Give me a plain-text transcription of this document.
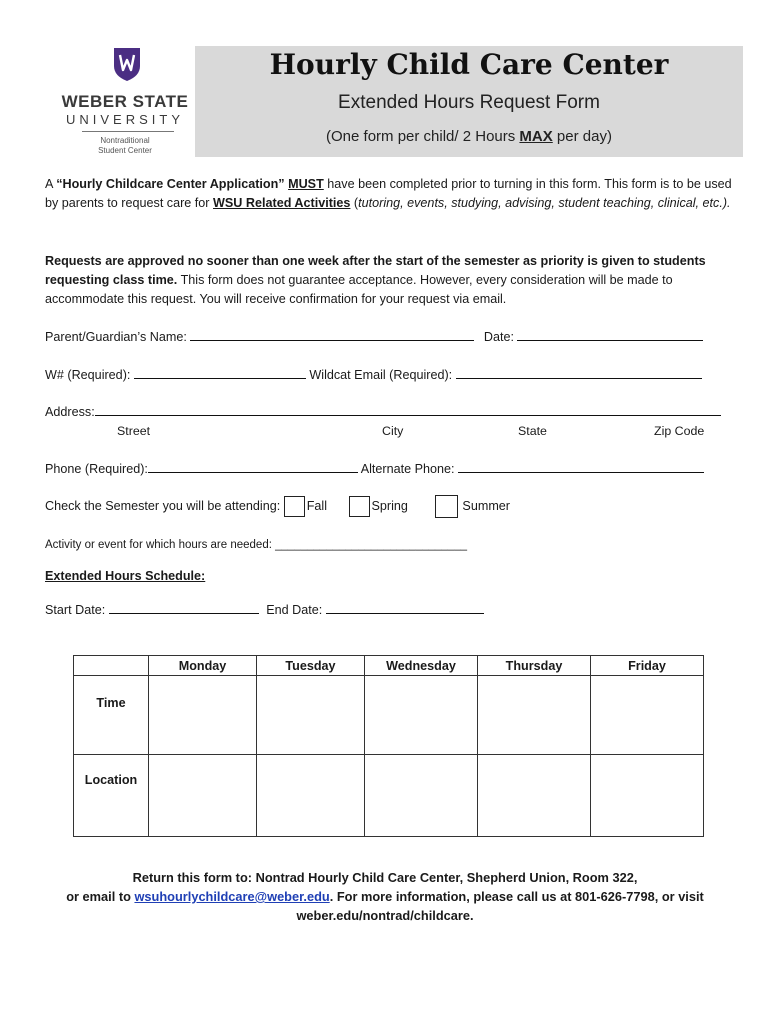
WEBER STATE
UNIVERSITY
Nontraditional
Student Center
Hourly Child Care Center
Extended Hours Request Form
(One form per child/ 2 Hours MAX per day)
A “Hourly Childcare Center Application” MUST have been completed prior to turning in this form. This form is to be used by parents to request care for WSU Related Activities (tutoring, events, studying, advising, student teaching, clinical, etc.).
Requests are approved no sooner than one week after the start of the semester as priority is given to students requesting class time. This form does not guarantee acceptance. However, every consideration will be made to accommodate this request. You will receive confirmation for your request via email.
Parent/Guardian’s Name:	Date:
W# (Required):	Wildcat Email (Required):
Address:
Street	City	State	Zip Code
Phone (Required):	Alternate Phone:
Check the Semester you will be attending: Fall	Spring	Summer
Activity or event for which hours are needed: ______________________________
Extended Hours Schedule:
Start Date:	End Date:
	Monday	Tuesday	Wednesday	Thursday	Friday
Time					
Location					
Return this form to: Nontrad Hourly Child Care Center, Shepherd Union, Room 322,
or email to wsuhourlychildcare@weber.edu. For more information, please call us at 801-626-7798, or visit
weber.edu/nontrad/childcare.
